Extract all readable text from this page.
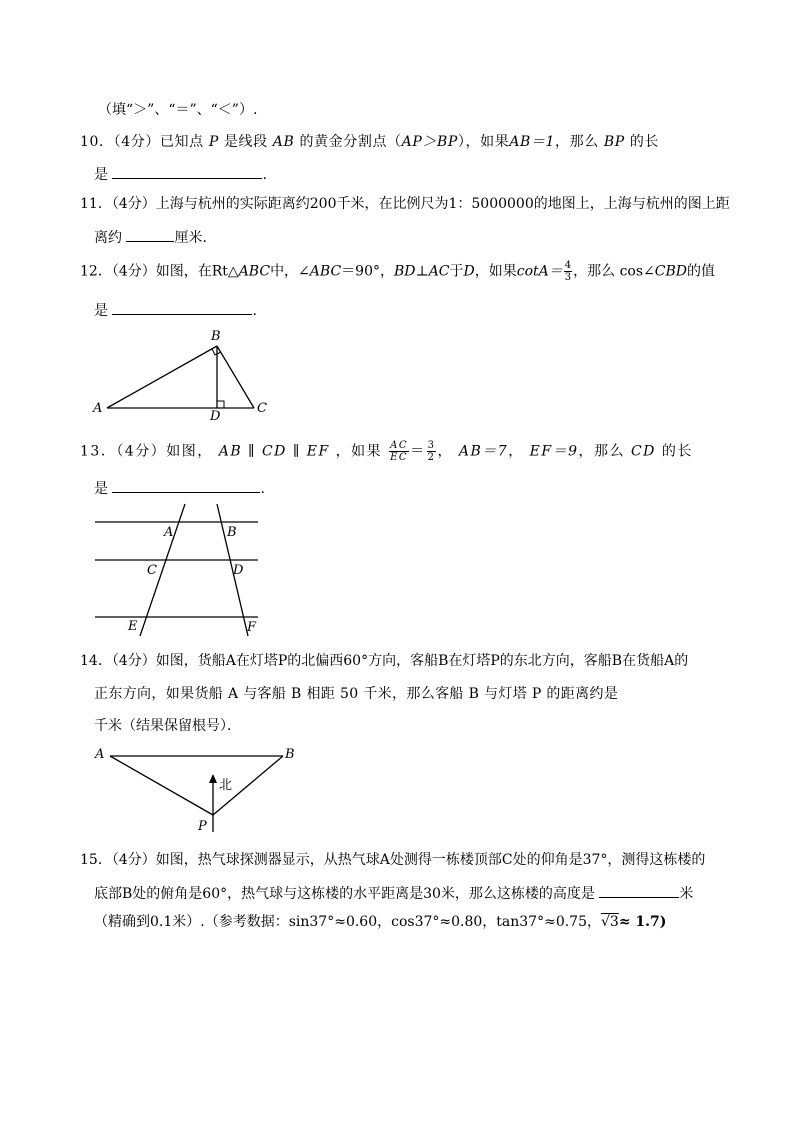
（填“＞”、“＝”、“＜”）.
10．（4分）已知点 P 是线段 AB 的黄金分割点（AP＞BP），如果AB＝1，那么 BP 的长
是	.
11．（4分）上海与杭州的实际距离约200千米，在比例尺为1：5000000的地图上，上海与杭州的图上距
离约	厘米．
12．（4分）如图，在Rt△ABC中，∠ABC＝90°，BD⊥AC于D，如果$\cot A= \frac{4}{3}$ ，那么 cos∠CBD的值
是	.
A
B
C
D
13．（4分）如图， AB ∥ CD ∥ EF ，如果 $\frac{AC}{EC} = \frac{3}{2}$ ， AB＝7， EF＝9，那么 CD 的长
是	.
A	B
C	D
E	F
14．（4分）如图，货船A在灯塔P的北偏西60°方向，客船B在灯塔P的东北方向，客船B在货船A的
正东方向，如果货船 A 与客船 B 相距 50 千米，那么客船 B 与灯塔 P 的距离约是
千米（结果保留根号）．
A	B
P
北
15．（4分）如图，热气球探测器显示，从热气球A处测得一栋楼顶部C处的仰角是37°，测得这栋楼的
底部B处的俯角是60°，热气球与这栋楼的水平距离是30米，那么这栋楼的高度是	米
（精确到0.1米）.（参考数据：sin37°≈0.60，cos37°≈0.80，tan37°≈0.75，√3≈ 1.7)
